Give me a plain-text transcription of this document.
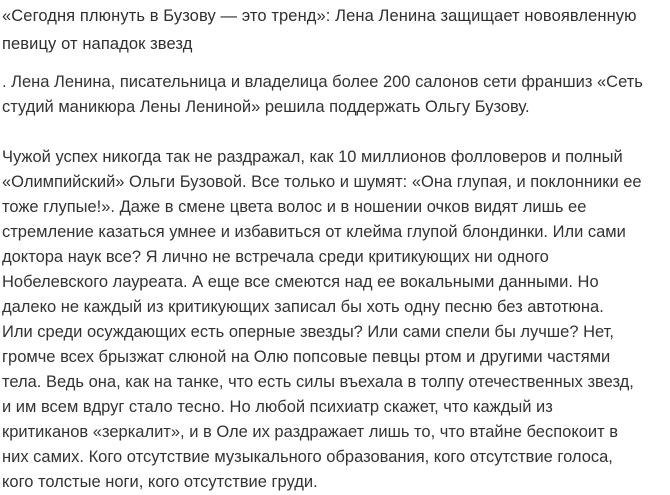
«Сегодня плюнуть в Бузову — это тренд»: Лена Ленина защищает новоявленную
певицу от нападок звезд

. Лена Ленина, писательница и владелица более 200 салонов сети франшиз «Сеть
студий маникюра Лены Лениной» решила поддержать Ольгу Бузову.

Чужой успех никогда так не раздражал, как 10 миллионов фолловеров и полный
«Олимпийский» Ольги Бузовой. Все только и шумят: «Она глупая, и поклонники ее
тоже глупые!». Даже в смене цвета волос и в ношении очков видят лишь ее
стремление казаться умнее и избавиться от клейма глупой блондинки. Или сами
доктора наук все? Я лично не встречала среди критикующих ни одного
Нобелевского лауреата. А еще все смеются над ее вокальными данными. Но
далеко не каждый из критикующих записал бы хоть одну песню без автотюна.
Или среди осуждающих есть оперные звезды? Или сами спели бы лучше? Нет,
громче всех брызжат слюной на Олю попсовые певцы ртом и другими частями
тела. Ведь она, как на танке, что есть силы въехала в толпу отечественных звезд,
и им всем вдруг стало тесно. Но любой психиатр скажет, что каждый из
критиканов «зеркалит», и в Оле их раздражает лишь то, что втайне беспокоит в
них самих. Кого отсутствие музыкального образования, кого отсутствие голоса,
кого толстые ноги, кого отсутствие груди.
